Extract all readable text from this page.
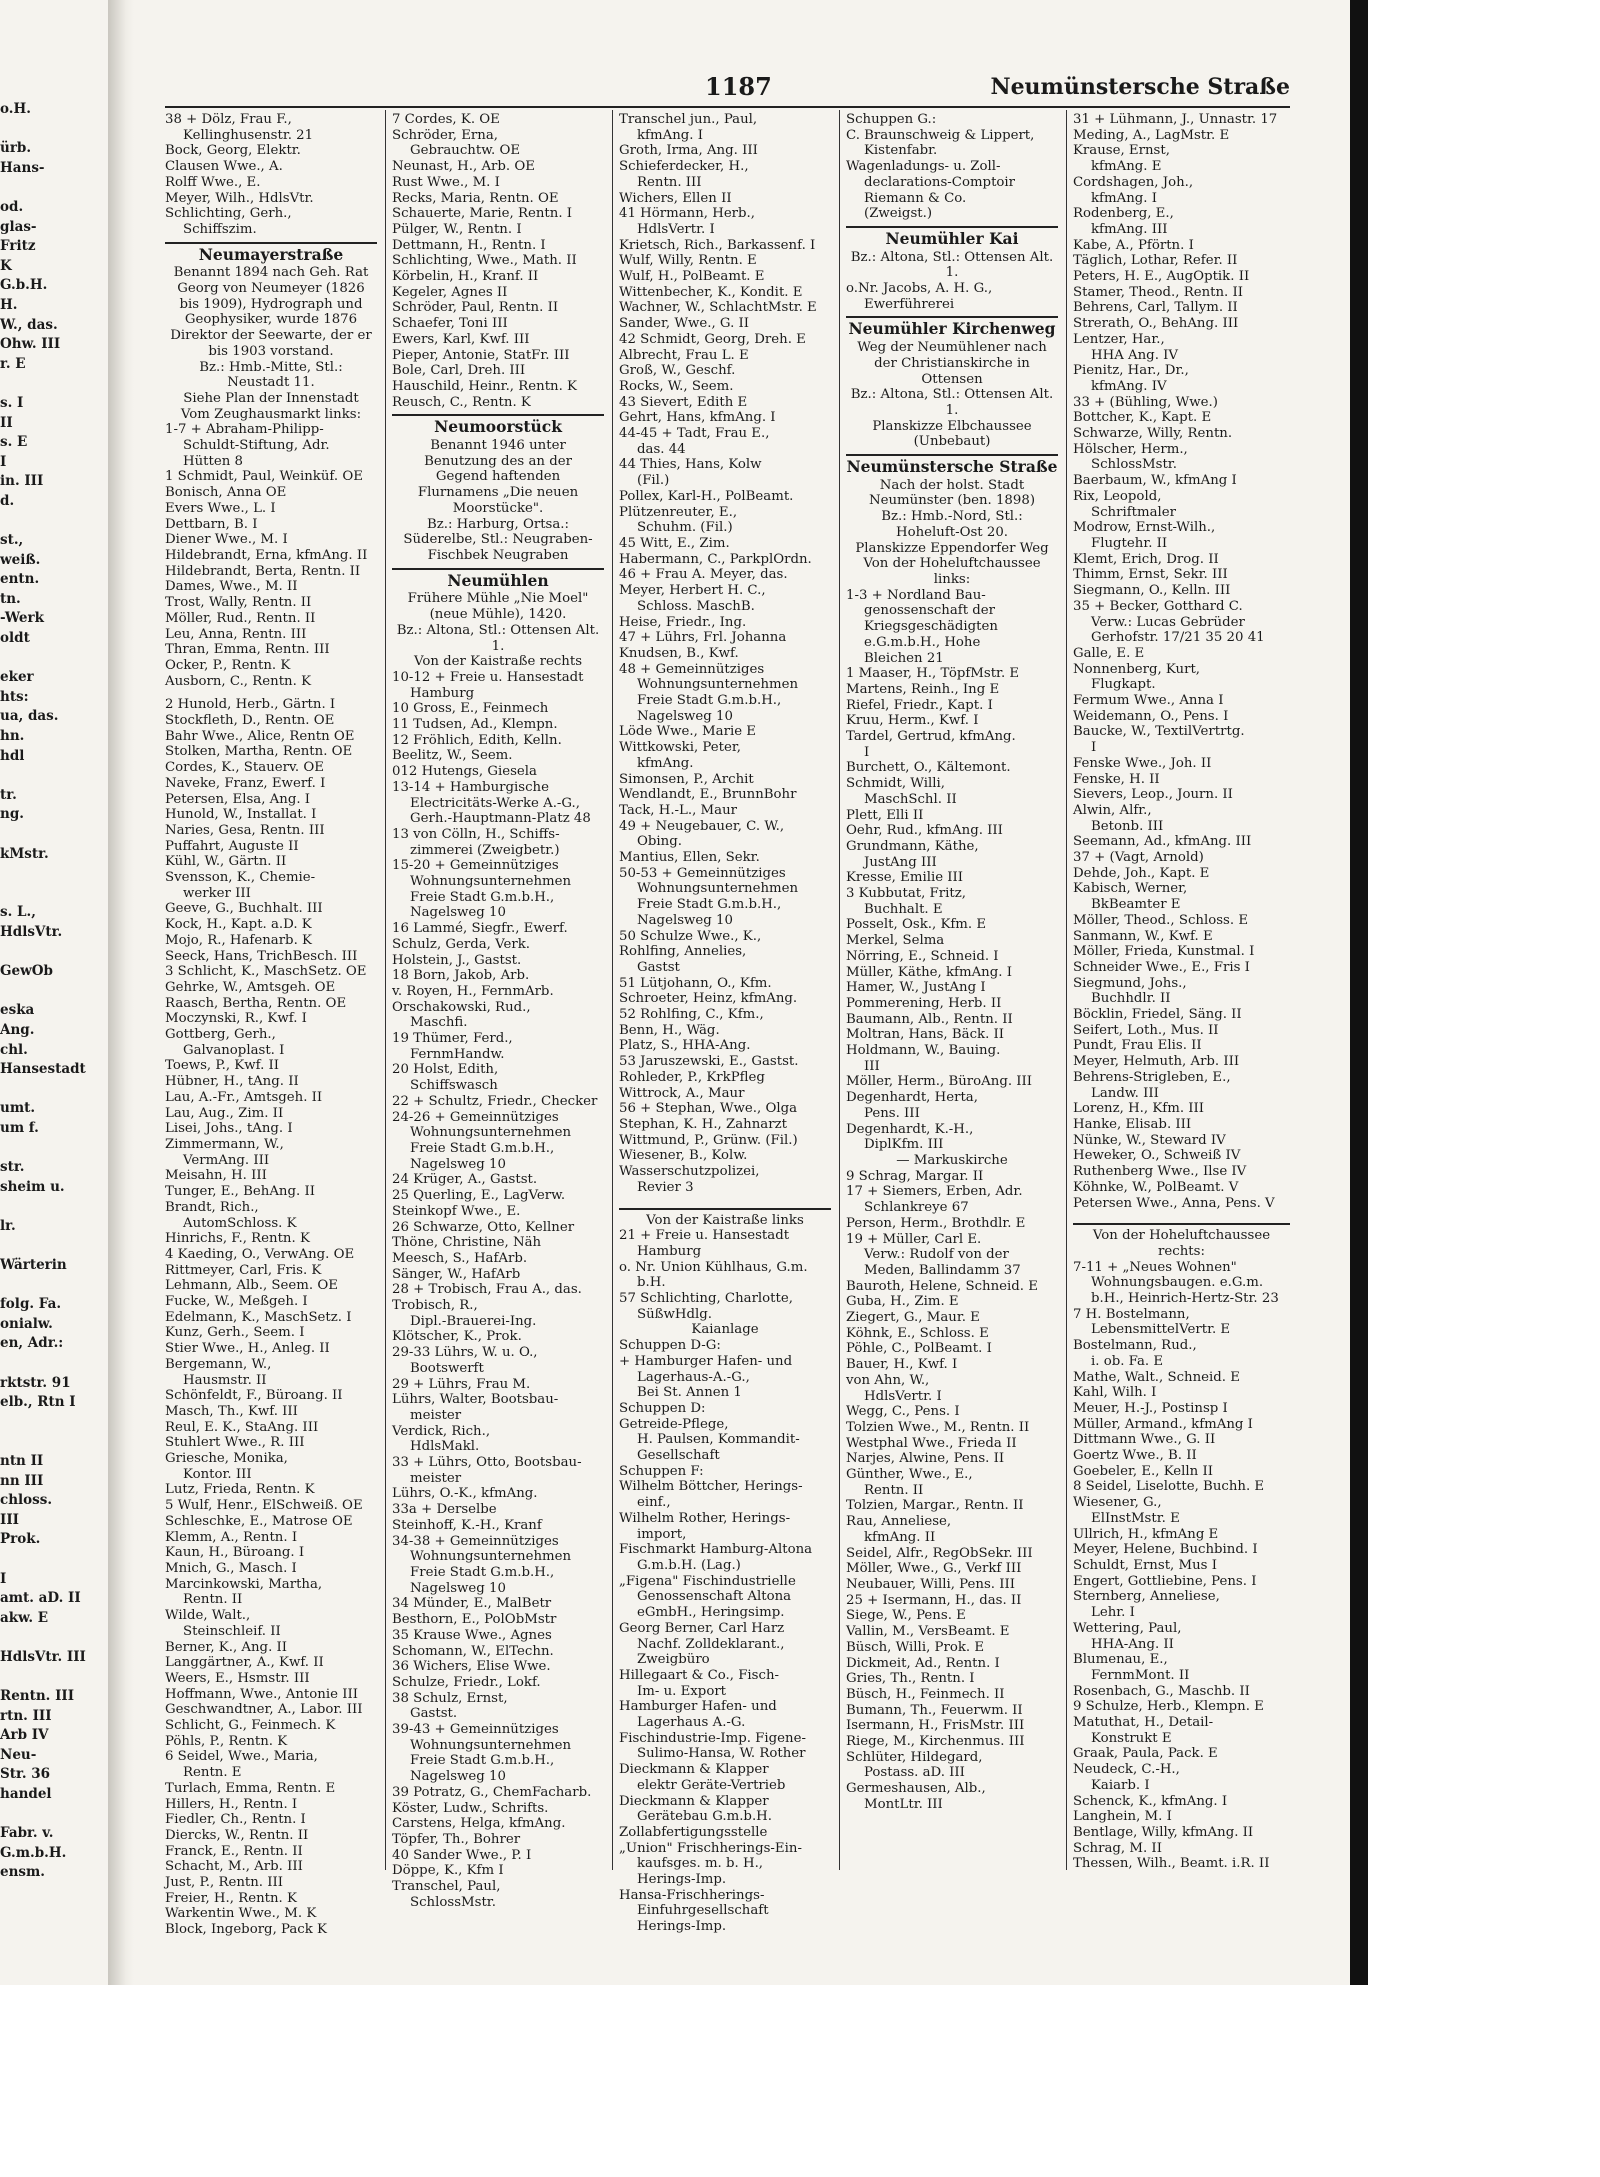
o.H.

ürb.
Hans-

od.
glas-
Fritz
K
G.b.H.
H.
W., das.
Ohw. III
r. E

s. I
II
s. E
I
in. III
d.

st.,
weiß.
entn.
tn.
-Werk
oldt

eker
hts:
ua, das.
hn.
hdl

tr.
ng.

kMstr.

s. L.,
HdlsVtr.

GewOb

eska
Ang.
chl.
Hansestadt

umt.
um f.

str.
sheim u.

lr.

Wärterin

folg. Fa.
onialw.
en, Adr.:

rktstr. 91
elb., Rtn I

ntn II
nn III
chloss.
III
Prok.

I
amt. aD. II
akw. E

HdlsVtr. III

Rentn. III
rtn. III
Arb IV
Neu-
Str. 36
handel

Fabr. v.
G.m.b.H.
ensm.
1187	Neumünstersche Straße
38 + Dölz, Frau F.,
Kellinghusenstr. 21
Bock, Georg, Elektr.
Clausen Wwe., A.
Rolff Wwe., E.
Meyer, Wilh., HdlsVtr.
Schlichting, Gerh.,
Schiffszim.
Neumayerstraße
Benannt 1894 nach Geh. Rat Georg von Neumeyer (1826 bis 1909), Hydrograph und Geophysiker, wurde 1876 Direktor der Seewarte, der er bis 1903 vorstand.
Bz.: Hmb.-Mitte, Stl.: Neustadt 11.
Siehe Plan der Innenstadt
Vom Zeughausmarkt links:
1-7 + Abraham-Philipp-
Schuldt-Stiftung, Adr.
Hütten 8
1 Schmidt, Paul, Weinküf. OE
Bonisch, Anna OE
Evers Wwe., L. I
Dettbarn, B. I
Diener Wwe., M. I
Hildebrandt, Erna, kfmAng. II
Hildebrandt, Berta, Rentn. II
Dames, Wwe., M. II
Trost, Wally, Rentn. II
Möller, Rud., Rentn. II
Leu, Anna, Rentn. III
Thran, Emma, Rentn. III
Ocker, P., Rentn. K
Ausborn, C., Rentn. K

2 Hunold, Herb., Gärtn. I
Stockfleth, D., Rentn. OE
Bahr Wwe., Alice, Rentn OE
Stolken, Martha, Rentn. OE
Cordes, K., Stauerv. OE
Naveke, Franz, Ewerf. I
Petersen, Elsa, Ang. I
Hunold, W., Installat. I
Naries, Gesa, Rentn. III
Puffahrt, Auguste II
Kühl, W., Gärtn. II
Svensson, K., Chemie-
werker III
Geeve, G., Buchhalt. III
Kock, H., Kapt. a.D. K
Mojo, R., Hafenarb. K
Seeck, Hans, TrichBesch. III
3 Schlicht, K., MaschSetz. OE
Gehrke, W., Amtsgeh. OE
Raasch, Bertha, Rentn. OE
Moczynski, R., Kwf. I
Gottberg, Gerh.,
Galvanoplast. I
Toews, P., Kwf. II
Hübner, H., tAng. II
Lau, A.-Fr., Amtsgeh. II
Lau, Aug., Zim. II
Lisei, Johs., tAng. I
Zimmermann, W.,
VermAng. III
Meisahn, H. III
Tunger, E., BehAng. II
Brandt, Rich.,
AutomSchloss. K
Hinrichs, F., Rentn. K
4 Kaeding, O., VerwAng. OE
Rittmeyer, Carl, Fris. K
Lehmann, Alb., Seem. OE
Fucke, W., Meßgeh. I
Edelmann, K., MaschSetz. I
Kunz, Gerh., Seem. I
Stier Wwe., H., Anleg. II
Bergemann, W.,
Hausmstr. II
Schönfeldt, F., Büroang. II
Masch, Th., Kwf. III
Reul, E. K., StaAng. III
Stuhlert Wwe., R. III
Griesche, Monika,
Kontor. III
Lutz, Frieda, Rentn. K
5 Wulf, Henr., ElSchweiß. OE
Schleschke, E., Matrose OE
Klemm, A., Rentn. I
Kaun, H., Büroang. I
Mnich, G., Masch. I
Marcinkowski, Martha,
Rentn. II
Wilde, Walt.,
Steinschleif. II
Berner, K., Ang. II
Langgärtner, A., Kwf. II
Weers, E., Hsmstr. III
Hoffmann, Wwe., Antonie III
Geschwandtner, A., Labor. III
Schlicht, G., Feinmech. K
Pöhls, P., Rentn. K
6 Seidel, Wwe., Maria,
Rentn. E
Turlach, Emma, Rentn. E
Hillers, H., Rentn. I
Fiedler, Ch., Rentn. I
Diercks, W., Rentn. II
Franck, E., Rentn. II
Schacht, M., Arb. III
Just, P., Rentn. III
Freier, H., Rentn. K
Warkentin Wwe., M. K
Block, Ingeborg, Pack K
7 Cordes, K. OE
Schröder, Erna,
Gebrauchtw. OE
Neunast, H., Arb. OE
Rust Wwe., M. I
Recks, Maria, Rentn. OE
Schauerte, Marie, Rentn. I
Pülger, W., Rentn. I
Dettmann, H., Rentn. I
Schlichting, Wwe., Math. II
Körbelin, H., Kranf. II
Kegeler, Agnes II
Schröder, Paul, Rentn. II
Schaefer, Toni III
Ewers, Karl, Kwf. III
Pieper, Antonie, StatFr. III
Bole, Carl, Dreh. III
Hauschild, Heinr., Rentn. K
Reusch, C., Rentn. K
Neumoorstück
Benannt 1946 unter Benutzung des an der Gegend haftenden Flurnamens „Die neuen Moorstücke".
Bz.: Harburg, Ortsa.: Süderelbe, Stl.: Neugraben-Fischbek Neugraben
Neumühlen
Frühere Mühle „Nie Moel" (neue Mühle), 1420.
Bz.: Altona, Stl.: Ottensen Alt. 1.
Von der Kaistraße rechts
10-12 + Freie u. Hansestadt
Hamburg
10 Gross, E., Feinmech
11 Tudsen, Ad., Klempn.
12 Fröhlich, Edith, Kelln.
Beelitz, W., Seem.
012 Hutengs, Giesela
13-14 + Hamburgische
Electricitäts-Werke A.-G.,
Gerh.-Hauptmann-Platz 48
13 von Cölln, H., Schiffs-
zimmerei (Zweigbetr.)
15-20 + Gemeinnütziges
Wohnungsunternehmen
Freie Stadt G.m.b.H.,
Nagelsweg 10
16 Lammé, Siegfr., Ewerf.
Schulz, Gerda, Verk.
Holstein, J., Gastst.
18 Born, Jakob, Arb.
v. Royen, H., FernmArb.
Orschakowski, Rud.,
Maschfi.
19 Thümer, Ferd.,
FernmHandw.
20 Holst, Edith,
Schiffswasch
22 + Schultz, Friedr., Checker
24-26 + Gemeinnütziges
Wohnungsunternehmen
Freie Stadt G.m.b.H.,
Nagelsweg 10
24 Krüger, A., Gastst.
25 Querling, E., LagVerw.
Steinkopf Wwe., E.
26 Schwarze, Otto, Kellner
Thöne, Christine, Näh
Meesch, S., HafArb.
Sänger, W., HafArb
28 + Trobisch, Frau A., das.
Trobisch, R.,
Dipl.-Brauerei-Ing.
Klötscher, K., Prok.
29-33 Lührs, W. u. O.,
Bootswerft
29 + Lührs, Frau M.
Lührs, Walter, Bootsbau-
meister
Verdick, Rich.,
HdlsMakl.
33 + Lührs, Otto, Bootsbau-
meister
Lührs, O.-K., kfmAng.
33a + Derselbe
Steinhoff, K.-H., Kranf
34-38 + Gemeinnütziges
Wohnungsunternehmen
Freie Stadt G.m.b.H.,
Nagelsweg 10
34 Münder, E., MalBetr
Besthorn, E., PolObMstr
35 Krause Wwe., Agnes
Schomann, W., ElTechn.
36 Wichers, Elise Wwe.
Schulze, Friedr., Lokf.
38 Schulz, Ernst,
Gastst.
39-43 + Gemeinnütziges
Wohnungsunternehmen
Freie Stadt G.m.b.H.,
Nagelsweg 10
39 Potratz, G., ChemFacharb.
Köster, Ludw., Schrifts.
Carstens, Helga, kfmAng.
Töpfer, Th., Bohrer
40 Sander Wwe., P. I
Döppe, K., Kfm I
Transchel, Paul,
SchlossMstr.
Transchel jun., Paul,
kfmAng. I
Groth, Irma, Ang. III
Schieferdecker, H.,
Rentn. III
Wichers, Ellen II
41 Hörmann, Herb.,
HdlsVertr. I
Krietsch, Rich., Barkassenf. I
Wulf, Willy, Rentn. E
Wulf, H., PolBeamt. E
Wittenbecher, K., Kondit. E
Wachner, W., SchlachtMstr. E
Sander, Wwe., G. II
42 Schmidt, Georg, Dreh. E
Albrecht, Frau L. E
Groß, W., Geschf.
Rocks, W., Seem.
43 Sievert, Edith E
Gehrt, Hans, kfmAng. I
44-45 + Tadt, Frau E.,
das. 44
44 Thies, Hans, Kolw
(Fil.)
Pollex, Karl-H., PolBeamt.
Plützenreuter, E.,
Schuhm. (Fil.)
45 Witt, E., Zim.
Habermann, C., ParkplOrdn.
46 + Frau A. Meyer, das.
Meyer, Herbert H. C.,
Schloss. MaschB.
Heise, Friedr., Ing.
47 + Lührs, Frl. Johanna
Knudsen, B., Kwf.
48 + Gemeinnütziges
Wohnungsunternehmen
Freie Stadt G.m.b.H.,
Nagelsweg 10
Löde Wwe., Marie E
Wittkowski, Peter,
kfmAng.
Simonsen, P., Archit
Wendlandt, E., BrunnBohr
Tack, H.-L., Maur
49 + Neugebauer, C. W.,
Obing.
Mantius, Ellen, Sekr.
50-53 + Gemeinnütziges
Wohnungsunternehmen
Freie Stadt G.m.b.H.,
Nagelsweg 10
50 Schulze Wwe., K.,
Rohlfing, Annelies,
Gastst
51 Lütjohann, O., Kfm.
Schroeter, Heinz, kfmAng.
52 Rohlfing, C., Kfm.,
Benn, H., Wäg.
Platz, S., HHA-Ang.
53 Jaruszewski, E., Gastst.
Rohleder, P., KrkPfleg
Wittrock, A., Maur
56 + Stephan, Wwe., Olga
Stephan, K. H., Zahnarzt
Wittmund, P., Grünw. (Fil.)
Wiesener, B., Kolw.
Wasserschutzpolizei,
Revier 3

Von der Kaistraße links
21 + Freie u. Hansestadt
Hamburg
o. Nr. Union Kühlhaus, G.m.
b.H.
57 Schlichting, Charlotte,
SüßwHdlg.
Kaianlage
Schuppen D-G:
+ Hamburger Hafen- und
Lagerhaus-A.-G.,
Bei St. Annen 1
Schuppen D:
Getreide-Pflege,
H. Paulsen, Kommandit-
Gesellschaft
Schuppen F:
Wilhelm Böttcher, Herings-
einf.,
Wilhelm Rother, Herings-
import,
Fischmarkt Hamburg-Altona
G.m.b.H. (Lag.)
„Figena" Fischindustrielle
Genossenschaft Altona
eGmbH., Heringsimp.
Georg Berner, Carl Harz
Nachf. Zolldeklarant.,
Zweigbüro
Hillegaart & Co., Fisch-
Im- u. Export
Hamburger Hafen- und
Lagerhaus A.-G.
Fischindustrie-Imp. Figene-
Sulimo-Hansa, W. Rother
Dieckmann & Klapper
elektr Geräte-Vertrieb
Dieckmann & Klapper
Gerätebau G.m.b.H.
Zollabfertigungsstelle
„Union" Frischherings-Ein-
kaufsges. m. b. H.,
Herings-Imp.
Hansa-Frischherings-
Einfuhrgesellschaft
Herings-Imp.
Schuppen G.:
C. Braunschweig & Lippert,
Kistenfabr.
Wagenladungs- u. Zoll-
declarations-Comptoir
Riemann & Co.
(Zweigst.)
Neumühler Kai
Bz.: Altona, Stl.: Ottensen Alt. 1.
o.Nr. Jacobs, A. H. G.,
Ewerführerei
Neumühler Kirchenweg
Weg der Neumühlener nach der Christianskirche in Ottensen
Bz.: Altona, Stl.: Ottensen Alt. 1.
Planskizze Elbchaussee
(Unbebaut)
Neumünstersche Straße
Nach der holst. Stadt Neumünster (ben. 1898)
Bz.: Hmb.-Nord, Stl.: Hoheluft-Ost 20.
Planskizze Eppendorfer Weg
Von der Hoheluftchaussee links:
1-3 + Nordland Bau-
genossenschaft der
Kriegsgeschädigten
e.G.m.b.H., Hohe
Bleichen 21
1 Maaser, H., TöpfMstr. E
Martens, Reinh., Ing E
Riefel, Friedr., Kapt. I
Kruu, Herm., Kwf. I
Tardel, Gertrud, kfmAng.
I
Burchett, O., Kältemont.
Schmidt, Willi,
MaschSchl. II
Plett, Elli II
Oehr, Rud., kfmAng. III
Grundmann, Käthe,
JustAng III
Kresse, Emilie III
3 Kubbutat, Fritz,
Buchhalt. E
Posselt, Osk., Kfm. E
Merkel, Selma
Nörring, E., Schneid. I
Müller, Käthe, kfmAng. I
Hamer, W., JustAng I
Pommerening, Herb. II
Baumann, Alb., Rentn. II
Moltran, Hans, Bäck. II
Holdmann, W., Bauing.
III
Möller, Herm., BüroAng. III
Degenhardt, Herta,
Pens. III
Degenhardt, K.-H.,
DiplKfm. III
— Markuskirche
9 Schrag, Margar. II
17 + Siemers, Erben, Adr.
Schlankreye 67
Person, Herm., Brothdlr. E
19 + Müller, Carl E.
Verw.: Rudolf von der
Meden, Ballindamm 37
Bauroth, Helene, Schneid. E
Guba, H., Zim. E
Ziegert, G., Maur. E
Köhnk, E., Schloss. E
Pöhle, C., PolBeamt. I
Bauer, H., Kwf. I
von Ahn, W.,
HdlsVertr. I
Wegg, C., Pens. I
Tolzien Wwe., M., Rentn. II
Westphal Wwe., Frieda II
Narjes, Alwine, Pens. II
Günther, Wwe., E.,
Rentn. II
Tolzien, Margar., Rentn. II
Rau, Anneliese,
kfmAng. II
Seidel, Alfr., RegObSekr. III
Möller, Wwe., G., Verkf III
Neubauer, Willi, Pens. III
25 + Isermann, H., das. II
Siege, W., Pens. E
Vallin, M., VersBeamt. E
Büsch, Willi, Prok. E
Dickmeit, Ad., Rentn. I
Gries, Th., Rentn. I
Büsch, H., Feinmech. II
Bumann, Th., Feuerwm. II
Isermann, H., FrisMstr. III
Riege, M., Kirchenmus. III
Schlüter, Hildegard,
Postass. aD. III
Germeshausen, Alb.,
MontLtr. III
31 + Lühmann, J., Unnastr. 17
Meding, A., LagMstr. E
Krause, Ernst,
kfmAng. E
Cordshagen, Joh.,
kfmAng. I
Rodenberg, E.,
kfmAng. III
Kabe, A., Pförtn. I
Täglich, Lothar, Refer. II
Peters, H. E., AugOptik. II
Stamer, Theod., Rentn. II
Behrens, Carl, Tallym. II
Strerath, O., BehAng. III
Lentzer, Har.,
HHA Ang. IV
Pienitz, Har., Dr.,
kfmAng. IV
33 + (Bühling, Wwe.)
Bottcher, K., Kapt. E
Schwarze, Willy, Rentn.
Hölscher, Herm.,
SchlossMstr.
Baerbaum, W., kfmAng I
Rix, Leopold,
Schriftmaler
Modrow, Ernst-Wilh.,
Flugtehr. II
Klemt, Erich, Drog. II
Thimm, Ernst, Sekr. III
Siegmann, O., Kelln. III
35 + Becker, Gotthard C.
Verw.: Lucas Gebrüder
Gerhofstr. 17/21 35 20 41
Galle, E. E
Nonnenberg, Kurt,
Flugkapt.
Fermum Wwe., Anna I
Weidemann, O., Pens. I
Baucke, W., TextilVertrtg.
I
Fenske Wwe., Joh. II
Fenske, H. II
Sievers, Leop., Journ. II
Alwin, Alfr.,
Betonb. III
Seemann, Ad., kfmAng. III
37 + (Vagt, Arnold)
Dehde, Joh., Kapt. E
Kabisch, Werner,
BkBeamter E
Möller, Theod., Schloss. E
Sanmann, W., Kwf. E
Möller, Frieda, Kunstmal. I
Schneider Wwe., E., Fris I
Siegmund, Johs.,
Buchhdlr. II
Böcklin, Friedel, Säng. II
Seifert, Loth., Mus. II
Pundt, Frau Elis. II
Meyer, Helmuth, Arb. III
Behrens-Strigleben, E.,
Landw. III
Lorenz, H., Kfm. III
Hanke, Elisab. III
Nünke, W., Steward IV
Heweker, O., Schweiß IV
Ruthenberg Wwe., Ilse IV
Köhnke, W., PolBeamt. V
Petersen Wwe., Anna, Pens. V

Von der Hoheluftchaussee rechts:
7-11 + „Neues Wohnen"
Wohnungsbaugen. e.G.m.
b.H., Heinrich-Hertz-Str. 23
7 H. Bostelmann,
LebensmittelVertr. E
Bostelmann, Rud.,
i. ob. Fa. E
Mathe, Walt., Schneid. E
Kahl, Wilh. I
Meuer, H.-J., Postinsp I
Müller, Armand., kfmAng I
Dittmann Wwe., G. II
Goertz Wwe., B. II
Goebeler, E., Kelln II
8 Seidel, Liselotte, Buchh. E
Wiesener, G.,
ElInstMstr. E
Ullrich, H., kfmAng E
Meyer, Helene, Buchbind. I
Schuldt, Ernst, Mus I
Engert, Gottliebine, Pens. I
Sternberg, Anneliese,
Lehr. I
Wettering, Paul,
HHA-Ang. II
Blumenau, E.,
FernmMont. II
Rosenbach, G., Maschb. II
9 Schulze, Herb., Klempn. E
Matuthat, H., Detail-
Konstrukt E
Graak, Paula, Pack. E
Neudeck, C.-H.,
Kaiarb. I
Schenck, K., kfmAng. I
Langhein, M. I
Bentlage, Willy, kfmAng. II
Schrag, M. II
Thessen, Wilh., Beamt. i.R. II
